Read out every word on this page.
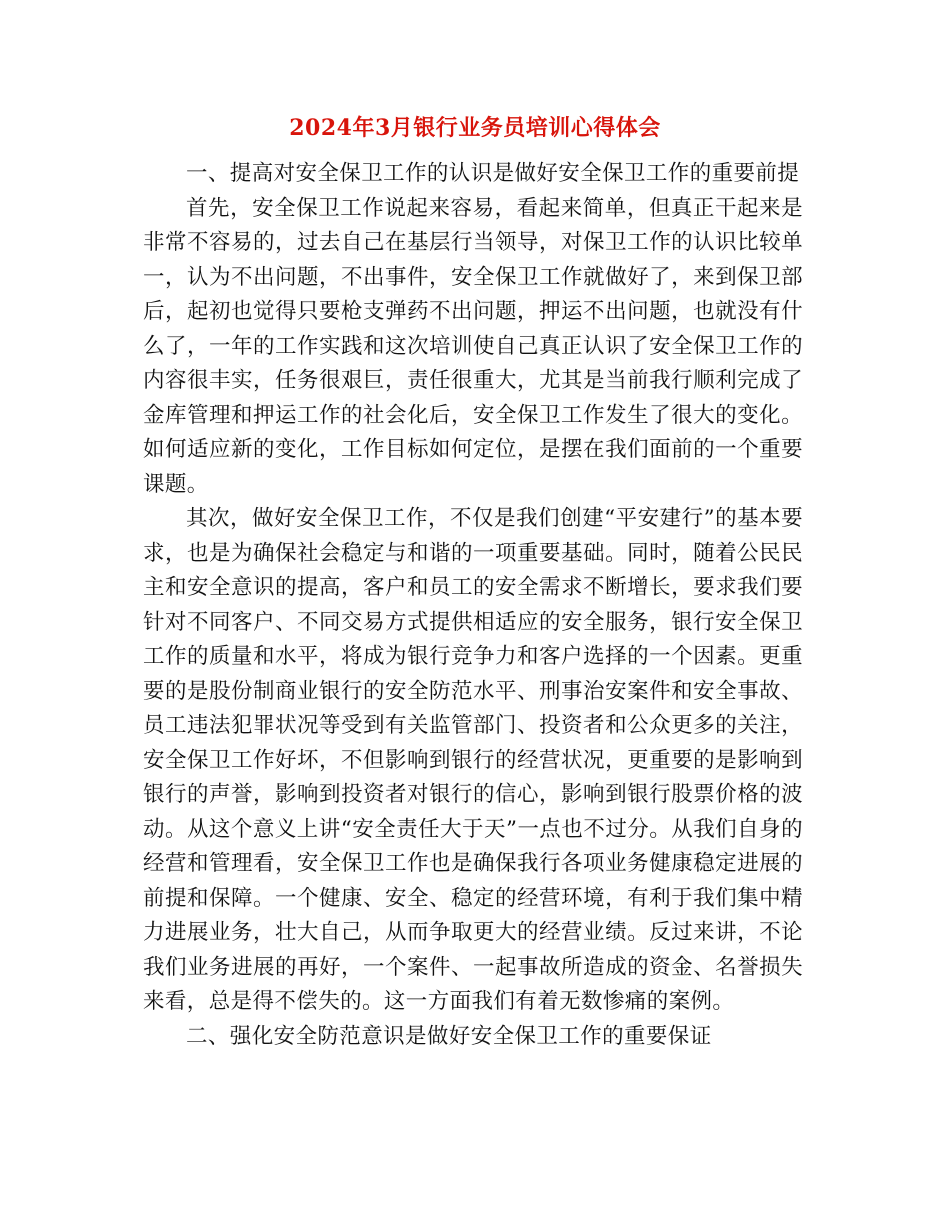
2024年3月银行业务员培训心得体会

一、提高对安全保卫工作的认识是做好安全保卫工作的重要前提

首先，安全保卫工作说起来容易，看起来简单，但真正干起来是非常不容易的，过去自己在基层行当领导，对保卫工作的认识比较单一，认为不出问题，不出事件，安全保卫工作就做好了，来到保卫部后，起初也觉得只要枪支弹药不出问题，押运不出问题，也就没有什么了，一年的工作实践和这次培训使自己真正认识了安全保卫工作的内容很丰实，任务很艰巨，责任很重大，尤其是当前我行顺利完成了金库管理和押运工作的社会化后，安全保卫工作发生了很大的变化。如何适应新的变化，工作目标如何定位，是摆在我们面前的一个重要课题。

其次，做好安全保卫工作，不仅是我们创建“平安建行”的基本要求，也是为确保社会稳定与和谐的一项重要基础。同时，随着公民民主和安全意识的提高，客户和员工的安全需求不断增长，要求我们要针对不同客户、不同交易方式提供相适应的安全服务，银行安全保卫工作的质量和水平，将成为银行竞争力和客户选择的一个因素。更重要的是股份制商业银行的安全防范水平、刑事治安案件和安全事故、员工违法犯罪状况等受到有关监管部门、投资者和公众更多的关注，安全保卫工作好坏，不但影响到银行的经营状况，更重要的是影响到银行的声誉，影响到投资者对银行的信心，影响到银行股票价格的波动。从这个意义上讲“安全责任大于天”一点也不过分。从我们自身的经营和管理看，安全保卫工作也是确保我行各项业务健康稳定进展的前提和保障。一个健康、安全、稳定的经营环境，有利于我们集中精力进展业务，壮大自己，从而争取更大的经营业绩。反过来讲，不论我们业务进展的再好，一个案件、一起事故所造成的资金、名誉损失来看，总是得不偿失的。这一方面我们有着无数惨痛的案例。

二、强化安全防范意识是做好安全保卫工作的重要保证
